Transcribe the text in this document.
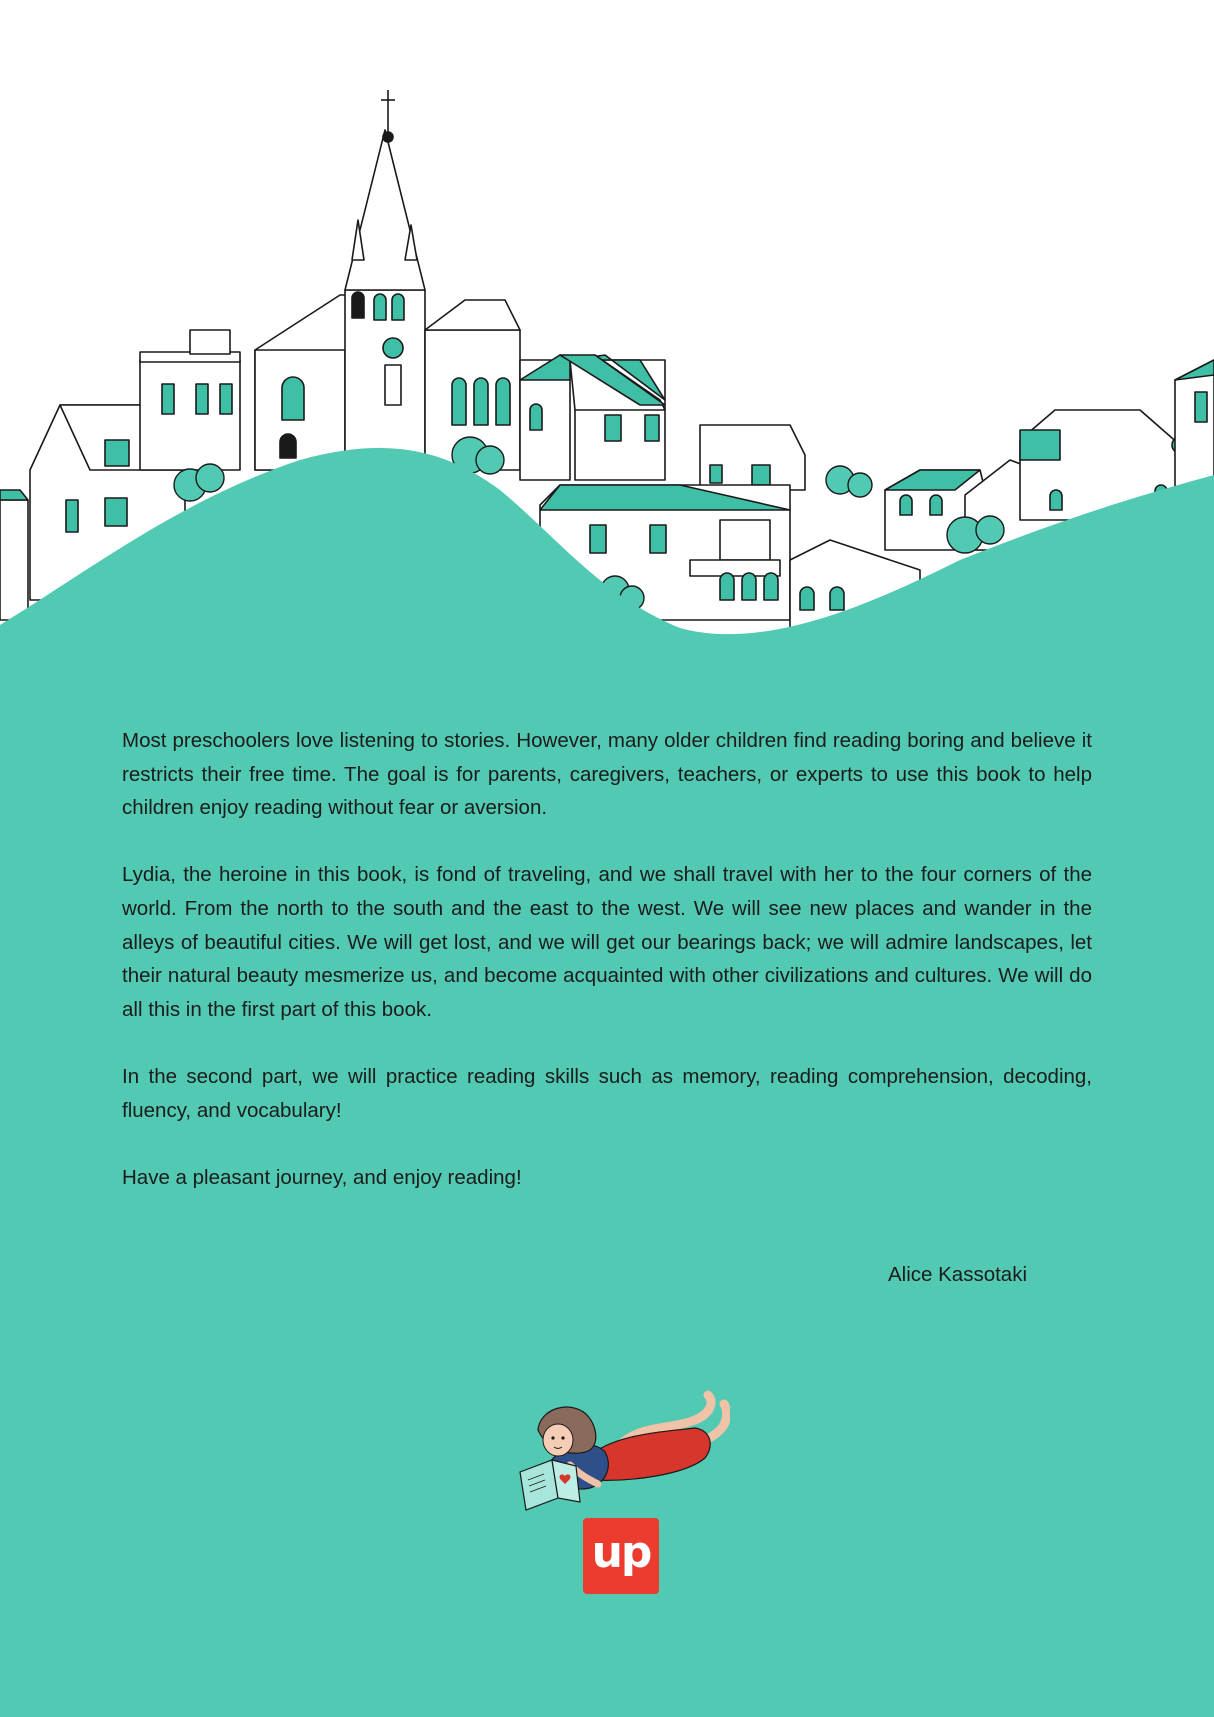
Most preschoolers love listening to stories. However, many older children find reading boring and believe it restricts their free time. The goal is for parents, caregivers, teachers, or experts to use this book to help children enjoy reading without fear or aversion.

Lydia, the heroine in this book, is fond of traveling, and we shall travel with her to the four corners of the world. From the north to the south and the east to the west. We will see new places and wander in the alleys of beautiful cities. We will get lost, and we will get our bearings back; we will admire landscapes, let their natural beauty mesmerize us, and become acquainted with other civilizations and cultures. We will do all this in the first part of this book.

In the second part, we will practice reading skills such as memory, reading comprehension, decoding, fluency, and vocabulary!

Have a pleasant journey, and enjoy reading!

Alice Kassotaki
up
